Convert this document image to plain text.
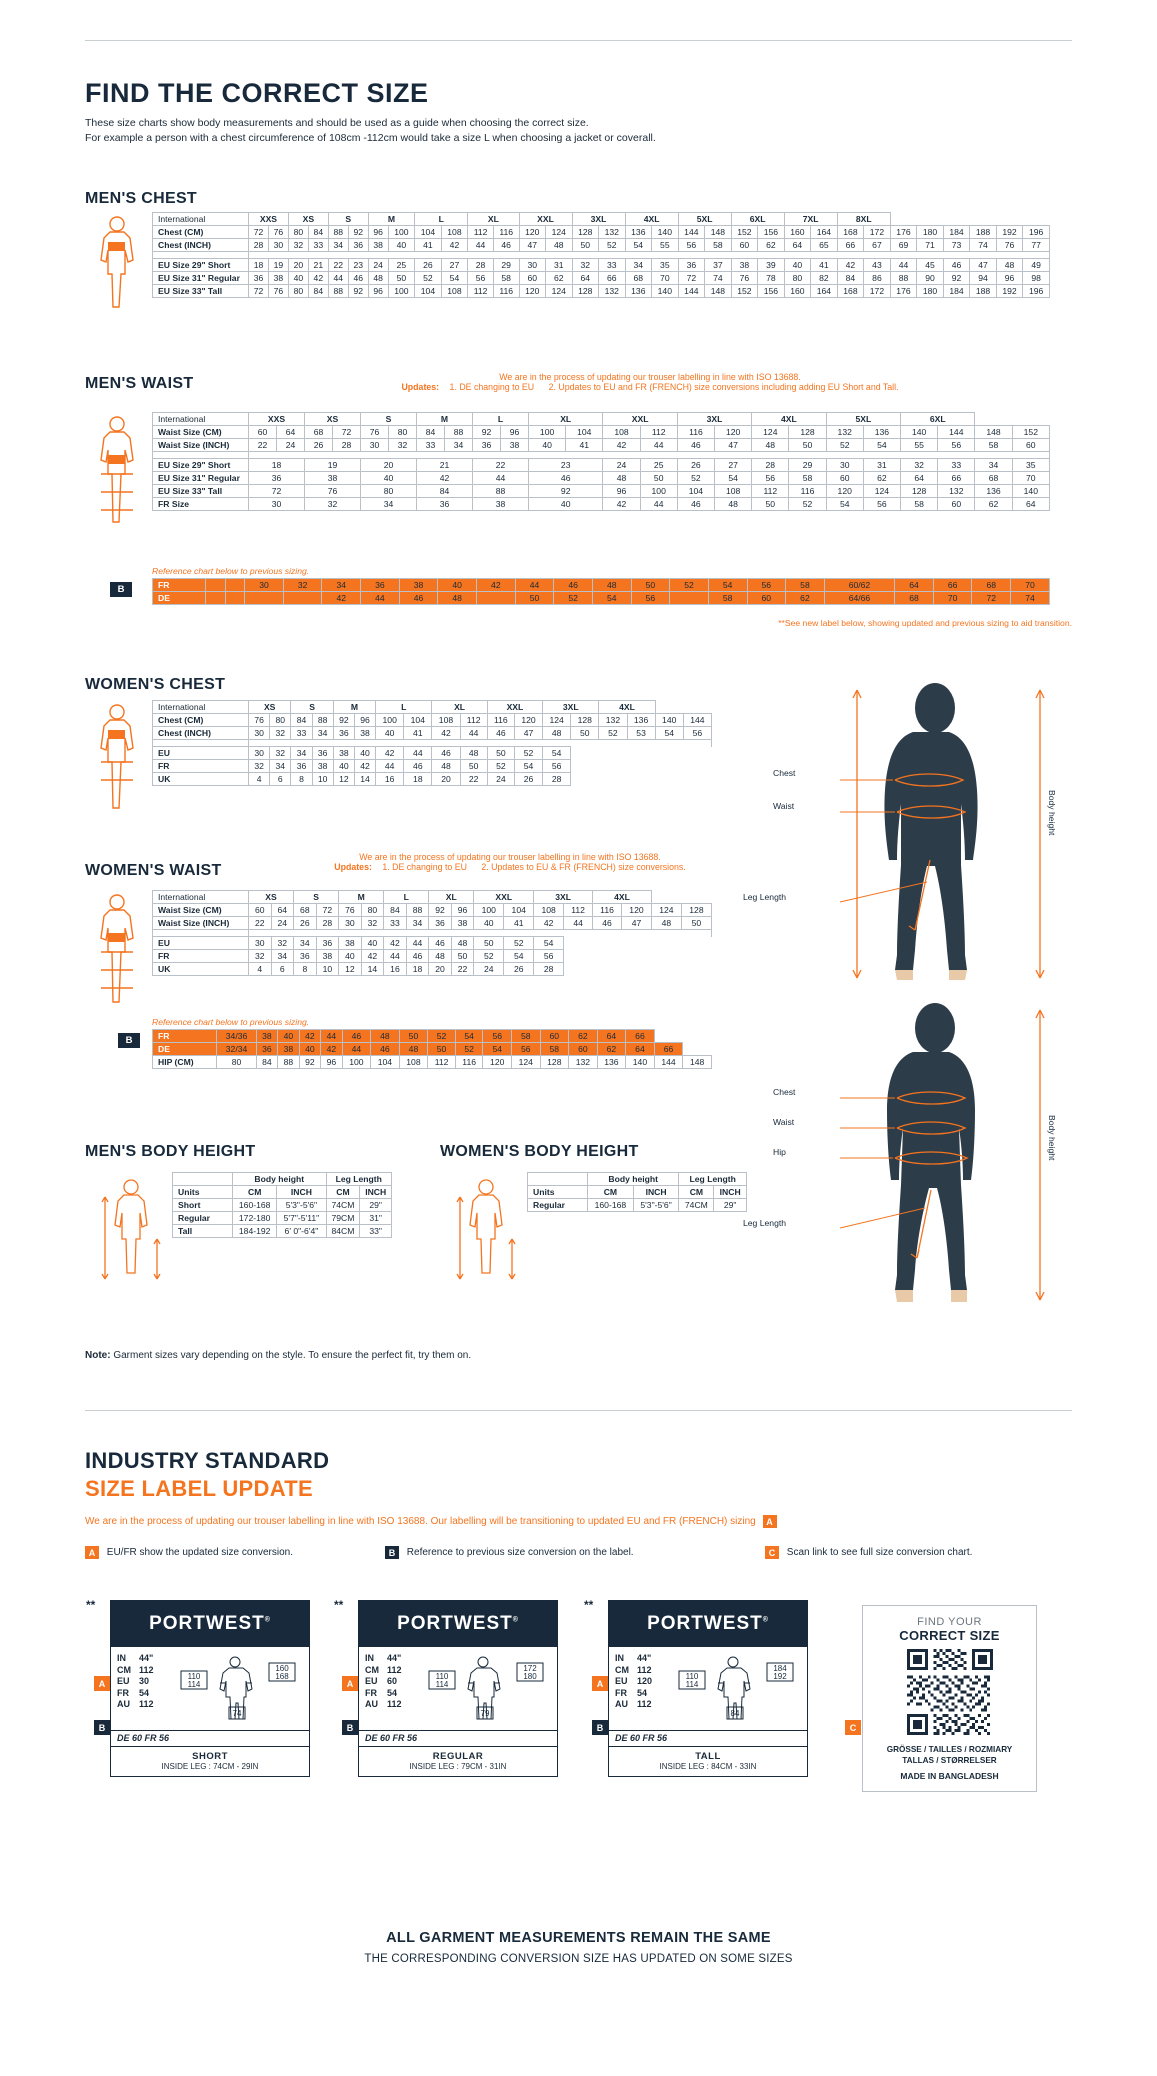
FIND THE CORRECT SIZE
These size charts show body measurements and should be used as a guide when choosing the correct size.
For example a person with a chest circumference of 108cm -112cm would take a size L when choosing a jacket or coverall.
MEN'S CHEST
International	XXS		XS		S		M		L		XL		XXL		3XL		4XL		5XL		6XL		7XL		8XL							
Chest (CM)	72	76	80	84	88	92	96	100	104	108	112	116	120	124	128	132	136	140	144	148	152	156	160	164	168	172	176	180	184	188	192	196
Chest (INCH)	28	30	32	33	34	36	38	40	41	42	44	46	47	48	50	52	54	55	56	58	60	62	64	65	66	67	69	71	73	74	76	77

EU Size 29" Short	18	19	20	21	22	23	24	25	26	27	28	29	30	31	32	33	34	35	36	37	38	39	40	41	42	43	44	45	46	47	48	49
EU Size 31" Regular	36	38	40	42	44	46	48	50	52	54	56	58	60	62	64	66	68	70	72	74	76	78	80	82	84	86	88	90	92	94	96	98
EU Size 33" Tall	72	76	80	84	88	92	96	100	104	108	112	116	120	124	128	132	136	140	144	148	152	156	160	164	168	172	176	180	184	188	192	196
MEN'S WAIST	We are in the process of updating our trouser labelling in line with ISO 13688.
Updates: 1. DE changing to EU 2. Updates to EU and FR (FRENCH) size conversions including adding EU Short and Tall.
International	XXS		XS		S		M		L		XL		XXL		3XL		4XL		5XL		6XL			
Waist Size (CM)	60	64	68	72	76	80	84	88	92	96	100	104	108	112	116	120	124	128	132	136	140	144	148	152
Waist Size (INCH)	22	24	26	28	30	32	33	34	36	38	40	41	42	44	46	47	48	50	52	54	55	56	58	60

EU Size 29" Short	18		19		20		21		22		23		24	25	26	27	28	29	30	31	32	33	34	35
EU Size 31" Regular	36		38		40		42		44		46		48	50	52	54	56	58	60	62	64	66	68	70
EU Size 33" Tall	72		76		80		84		88		92		96	100	104	108	112	116	120	124	128	132	136	140
FR Size	30		32		34		36		38		40		42	44	46	48	50	52	54	56	58	60	62	64
Reference chart below to previous sizing.
B	FR			30	32	34	36	38	40	42	44	46	48	50	52	54	56	58	60/62	64	66	68	70
DE					42	44	46	48		50	52	54	56		58	60	62	64/66	68	70	72	74
**See new label below, showing updated and previous sizing to aid transition.
WOMEN'S CHEST
International	XS		S		M		L		XL		XXL		3XL		4XL			
Chest (CM)	76	80	84	88	92	96	100	104	108	112	116	120	124	128	132	136	140	144
Chest (INCH)	30	32	33	34	36	38	40	41	42	44	46	47	48	50	52	53	54	56

EU	30	32	34	36	38	40	42	44	46	48	50	52	54					
FR	32	34	36	38	40	42	44	46	48	50	52	54	56					
UK	4	6	8	10	12	14	16	18	20	22	24	26	28					
WOMEN'S WAIST
We are in the process of updating our trouser labelling in line with ISO 13688.
Updates: 1. DE changing to EU 2. Updates to EU & FR (FRENCH) size conversions.
International	XS		S		M		L		XL		XXL		3XL		4XL			
Waist Size (CM)	60	64	68	72	76	80	84	88	92	96	100	104	108	112	116	120	124	128
Waist Size (INCH)	22	24	26	28	30	32	33	34	36	38	40	41	42	44	46	47	48	50

EU	30	32	34	36	38	40	42	44	46	48	50	52	54					
FR	32	34	36	38	40	42	44	46	48	50	52	54	56					
UK	4	6	8	10	12	14	16	18	20	22	24	26	28					
Reference chart below to previous sizing.
B	FR	34/36	38	40	42	44	46	48	50	52	54	56	58	60	62	64	66		
DE	32/34	36	38	40	42	44	46	48	50	52	54	56	58	60	62	64	66	
HIP (CM)	80	84	88	92	96	100	104	108	112	116	120	124	128	132	136	140	144	148
MEN'S BODY HEIGHT
	Body height		Leg Length	
Units	CM	INCH	CM	INCH
Short	160-168	5'3"-5'6"	74CM	29"
Regular	172-180	5'7"-5'11"	79CM	31"
Tall	184-192	6' 0"-6'4"	84CM	33"
WOMEN'S BODY HEIGHT
	Body height		Leg Length	
Units	CM	INCH	CM	INCH
Regular	160-168	5'3"-5'6"	74CM	29"
Chest
Waist
Leg Length
Body height
Chest
Waist
Hip
Leg Length
Body height
Note: Garment sizes vary depending on the style. To ensure the perfect fit, try them on.
INDUSTRY STANDARD
SIZE LABEL UPDATE
We are in the process of updating our trouser labelling in line with ISO 13688. Our labelling will be transitioning to updated EU and FR (FRENCH) sizing A
A EU/FR show the updated size conversion.	B Reference to previous size conversion on the label.	C Scan link to see full size conversion chart.
**
PORTWEST®
IN	44"
CM 112
EU	30
FR	54
AU	112
110
114
160
168
74
DE 60 FR 56
SHORT
INSIDE LEG : 74CM - 29IN
A
B
**
PORTWEST®
IN	44"
CM 112
EU	60
FR	54
AU	112
110
114
172
180
79
DE 60 FR 56
REGULAR
INSIDE LEG : 79CM - 31IN
A
B
**
PORTWEST®
IN	44"
CM 112
EU	120
FR	54
AU	112
110
114
184
192
84
DE 60 FR 56
TALL
INSIDE LEG : 84CM - 33IN
A
B
FIND YOUR
CORRECT SIZE
GRÖSSE / TAILLES / ROZMIARY
TALLAS / STØRRELSER
MADE IN BANGLADESH
C
ALL GARMENT MEASUREMENTS REMAIN THE SAME
THE CORRESPONDING CONVERSION SIZE HAS UPDATED ON SOME SIZES
